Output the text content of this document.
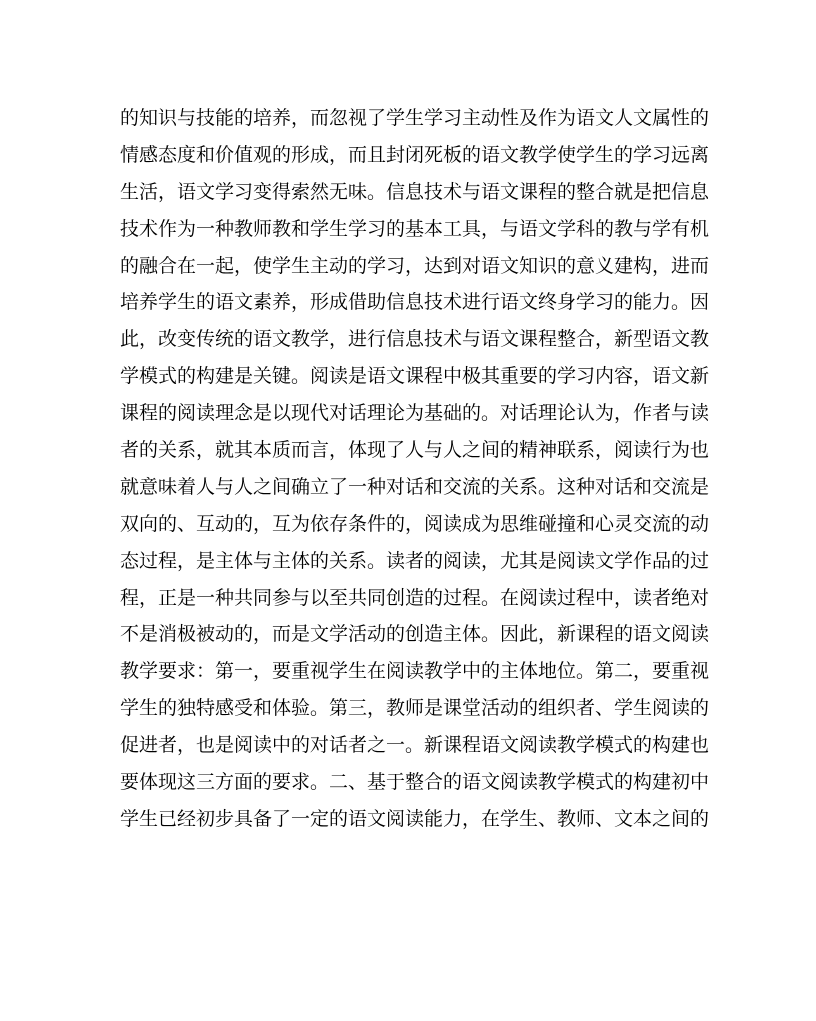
的知识与技能的培养，而忽视了学生学习主动性及作为语文人文属性的
情感态度和价值观的形成，而且封闭死板的语文教学使学生的学习远离
生活，语文学习变得索然无味。信息技术与语文课程的整合就是把信息
技术作为一种教师教和学生学习的基本工具，与语文学科的教与学有机
的融合在一起，使学生主动的学习，达到对语文知识的意义建构，进而
培养学生的语文素养，形成借助信息技术进行语文终身学习的能力。因
此，改变传统的语文教学，进行信息技术与语文课程整合，新型语文教
学模式的构建是关键。阅读是语文课程中极其重要的学习内容，语文新
课程的阅读理念是以现代对话理论为基础的。对话理论认为，作者与读
者的关系，就其本质而言，体现了人与人之间的精神联系，阅读行为也
就意味着人与人之间确立了一种对话和交流的关系。这种对话和交流是
双向的、互动的，互为依存条件的，阅读成为思维碰撞和心灵交流的动
态过程，是主体与主体的关系。读者的阅读，尤其是阅读文学作品的过
程，正是一种共同参与以至共同创造的过程。在阅读过程中，读者绝对
不是消极被动的，而是文学活动的创造主体。因此，新课程的语文阅读
教学要求：第一，要重视学生在阅读教学中的主体地位。第二，要重视
学生的独特感受和体验。第三，教师是课堂活动的组织者、学生阅读的
促进者，也是阅读中的对话者之一。新课程语文阅读教学模式的构建也
要体现这三方面的要求。二、基于整合的语文阅读教学模式的构建初中
学生已经初步具备了一定的语文阅读能力，在学生、教师、文本之间的
